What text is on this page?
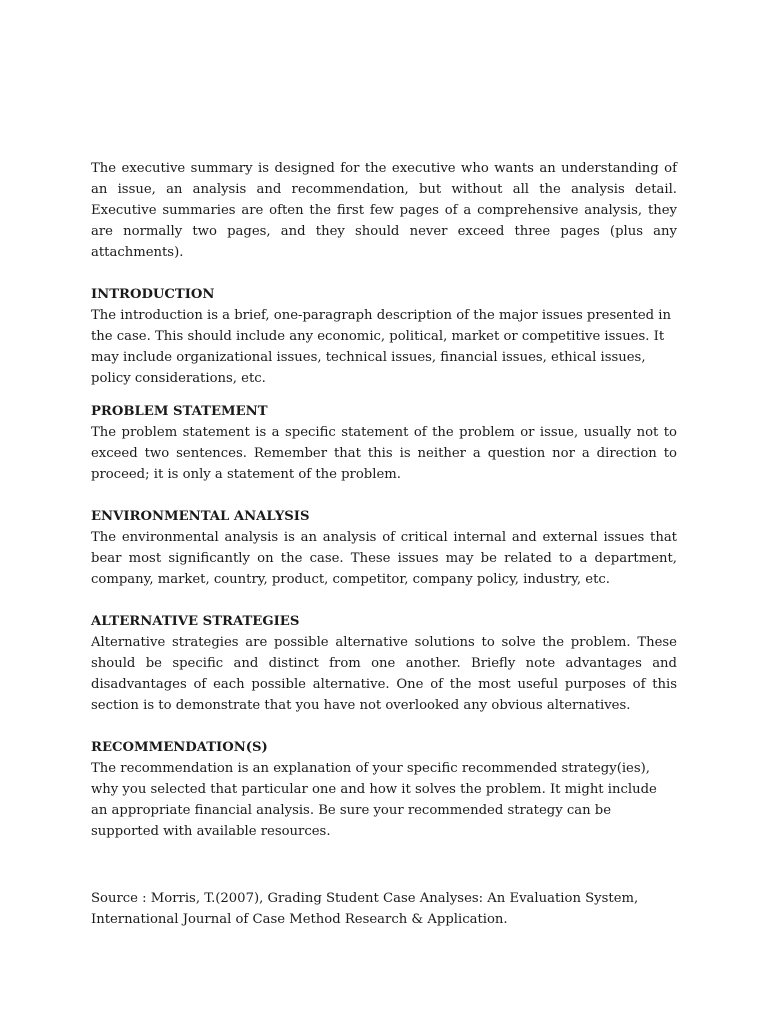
The executive summary is designed for the executive who wants an understanding of an issue, an analysis and recommendation, but without all the analysis detail. Executive summaries are often the first few pages of a comprehensive analysis, they are normally two pages, and they should never exceed three pages (plus any attachments).

INTRODUCTION

The introduction is a brief, one-paragraph description of the major issues presented in the case. This should include any economic, political, market or competitive issues. It may include organizational issues, technical issues, financial issues, ethical issues, policy considerations, etc.

PROBLEM STATEMENT

The problem statement is a specific statement of the problem or issue, usually not to exceed two sentences. Remember that this is neither a question nor a direction to proceed; it is only a statement of the problem.

ENVIRONMENTAL ANALYSIS

The environmental analysis is an analysis of critical internal and external issues that bear most significantly on the case. These issues may be related to a department, company, market, country, product, competitor, company policy, industry, etc.

ALTERNATIVE STRATEGIES

Alternative strategies are possible alternative solutions to solve the problem. These should be specific and distinct from one another. Briefly note advantages and disadvantages of each possible alternative. One of the most useful purposes of this section is to demonstrate that you have not overlooked any obvious alternatives.

RECOMMENDATION(S)

The recommendation is an explanation of your specific recommended strategy(ies), why you selected that particular one and how it solves the problem. It might include an appropriate financial analysis. Be sure your recommended strategy can be supported with available resources.

Source : Morris, T.(2007), Grading Student Case Analyses: An Evaluation System,

International Journal of Case Method Research & Application.
